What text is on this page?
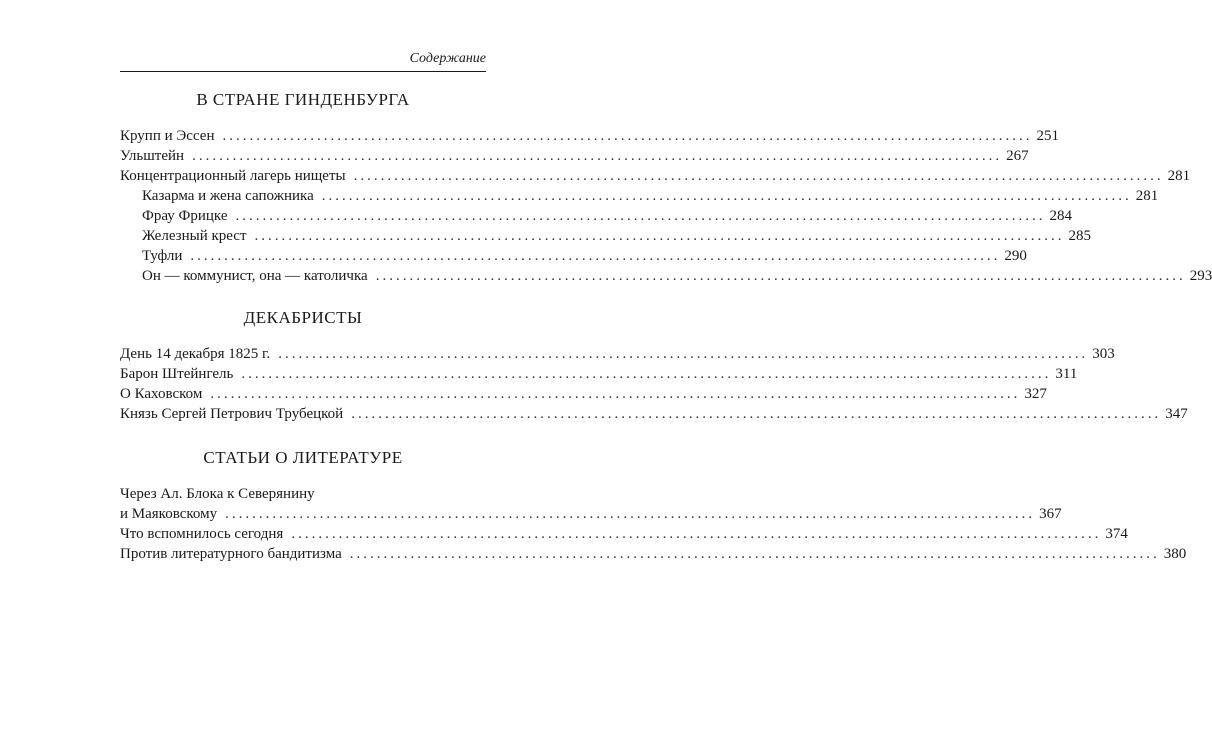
Содержание
В СТРАНЕ ГИНДЕНБУРГА
Крупп и Эссен ........................................................................................................................ 251
Ульштейн ........................................................................................................................ 267
Концентрационный лагерь нищеты ........................................................................................................................ 281
Казарма и жена сапожника ........................................................................................................................ 281
Фрау Фрицке ........................................................................................................................ 284
Железный крест ........................................................................................................................ 285
Туфли ........................................................................................................................ 290
Он — коммунист, она — католичка ........................................................................................................................ 293
ДЕКАБРИСТЫ
День 14 декабря 1825 г. ........................................................................................................................ 303
Барон Штейнгель ........................................................................................................................ 311
О Каховском ........................................................................................................................ 327
Князь Сергей Петрович Трубецкой ........................................................................................................................ 347
СТАТЬИ О ЛИТЕРАТУРЕ
Через Ал. Блока к Северянину
и Маяковскому ........................................................................................................................ 367
Что вспомнилось сегодня ........................................................................................................................ 374
Против литературного бандитизма ........................................................................................................................ 380
